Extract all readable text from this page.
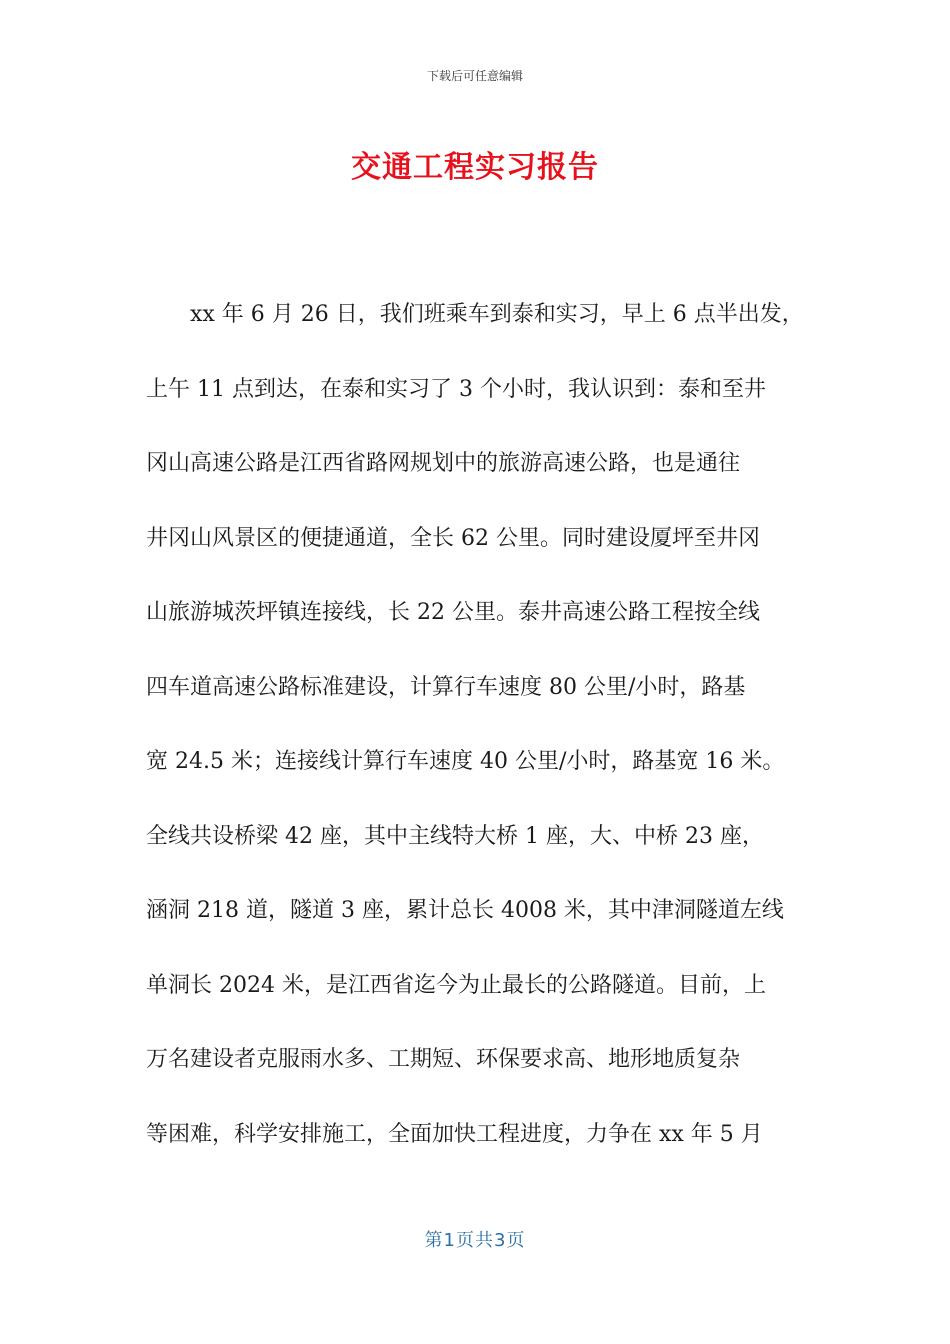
下载后可任意编辑
交通工程实习报告
　　xx 年 6 月 26 日，我们班乘车到泰和实习，早上 6 点半出发，
上午 11 点到达，在泰和实习了 3 个小时，我认识到：泰和至井
冈山高速公路是江西省路网规划中的旅游高速公路，也是通往
井冈山风景区的便捷通道，全长 62 公里。同时建设厦坪至井冈
山旅游城茨坪镇连接线，长 22 公里。泰井高速公路工程按全线
四车道高速公路标准建设，计算行车速度 80 公里/小时，路基
宽 24.5 米；连接线计算行车速度 40 公里/小时，路基宽 16 米。
全线共设桥梁 42 座，其中主线特大桥 1 座，大、中桥 23 座，
涵洞 218 道，隧道 3 座，累计总长 4008 米，其中津洞隧道左线
单洞长 2024 米，是江西省迄今为止最长的公路隧道。目前，上
万名建设者克服雨水多、工期短、环保要求高、地形地质复杂
等困难，科学安排施工，全面加快工程进度，力争在 xx 年 5 月
第1页共3页
